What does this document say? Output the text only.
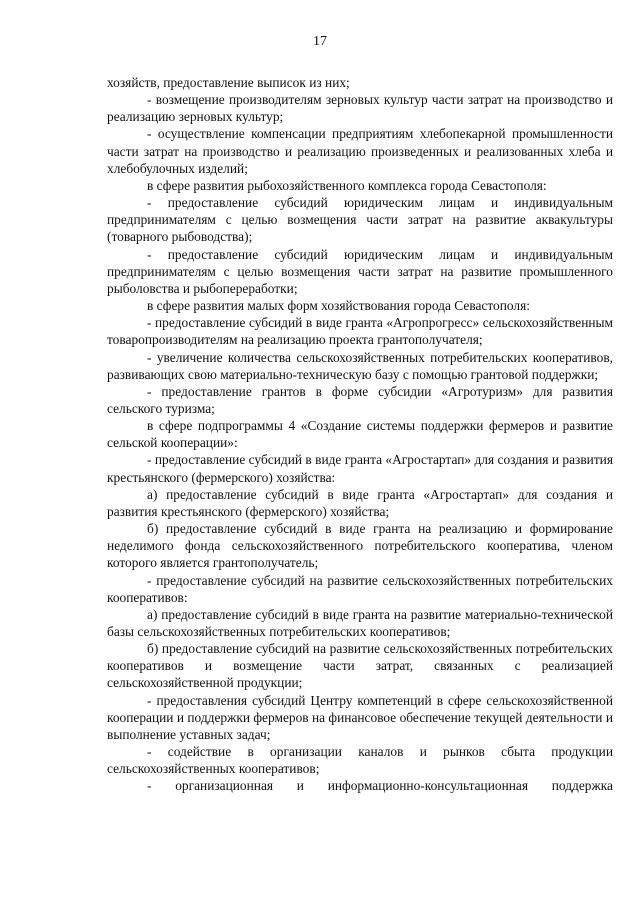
17

хозяйств, предоставление выписок из них;

- возмещение производителям зерновых культур части затрат на производство и реализацию зерновых культур;

- осуществление компенсации предприятиям хлебопекарной промышленности части затрат на производство и реализацию произведенных и реализованных хлеба и хлебобулочных изделий;

в сфере развития рыбохозяйственного комплекса города Севастополя:

- предоставление субсидий юридическим лицам и индивидуальным предпринимателям с целью возмещения части затрат на развитие аквакультуры (товарного рыбоводства);

- предоставление субсидий юридическим лицам и индивидуальным предпринимателям с целью возмещения части затрат на развитие промышленного рыболовства и рыбопереработки;

в сфере развития малых форм хозяйствования города Севастополя:

- предоставление субсидий в виде гранта «Агропрогресс» сельскохозяйственным товаропроизводителям на реализацию проекта грантополучателя;

- увеличение количества сельскохозяйственных потребительских кооперативов, развивающих свою материально-техническую базу с помощью грантовой поддержки;

- предоставление грантов в форме субсидии «Агротуризм» для развития сельского туризма;

в сфере подпрограммы 4 «Создание системы поддержки фермеров и развитие сельской кооперации»:

- предоставление субсидий в виде гранта «Агростартап» для создания и развития крестьянского (фермерского) хозяйства:

а) предоставление субсидий в виде гранта «Агростартап» для создания и развития крестьянского (фермерского) хозяйства;

б) предоставление субсидий в виде гранта на реализацию и формирование неделимого фонда сельскохозяйственного потребительского кооператива, членом которого является грантополучатель;

- предоставление субсидий на развитие сельскохозяйственных потребительских кооперативов:

а) предоставление субсидий в виде гранта на развитие материально-технической базы сельскохозяйственных потребительских кооперативов;

б) предоставление субсидий на развитие сельскохозяйственных потребительских кооперативов и возмещение части затрат, связанных с реализацией сельскохозяйственной продукции;

- предоставления субсидий Центру компетенций в сфере сельскохозяйственной кооперации и поддержки фермеров на финансовое обеспечение текущей деятельности и выполнение уставных задач;

- содействие в организации каналов и рынков сбыта продукции сельскохозяйственных кооперативов;

- организационная и информационно-консультационная поддержка
